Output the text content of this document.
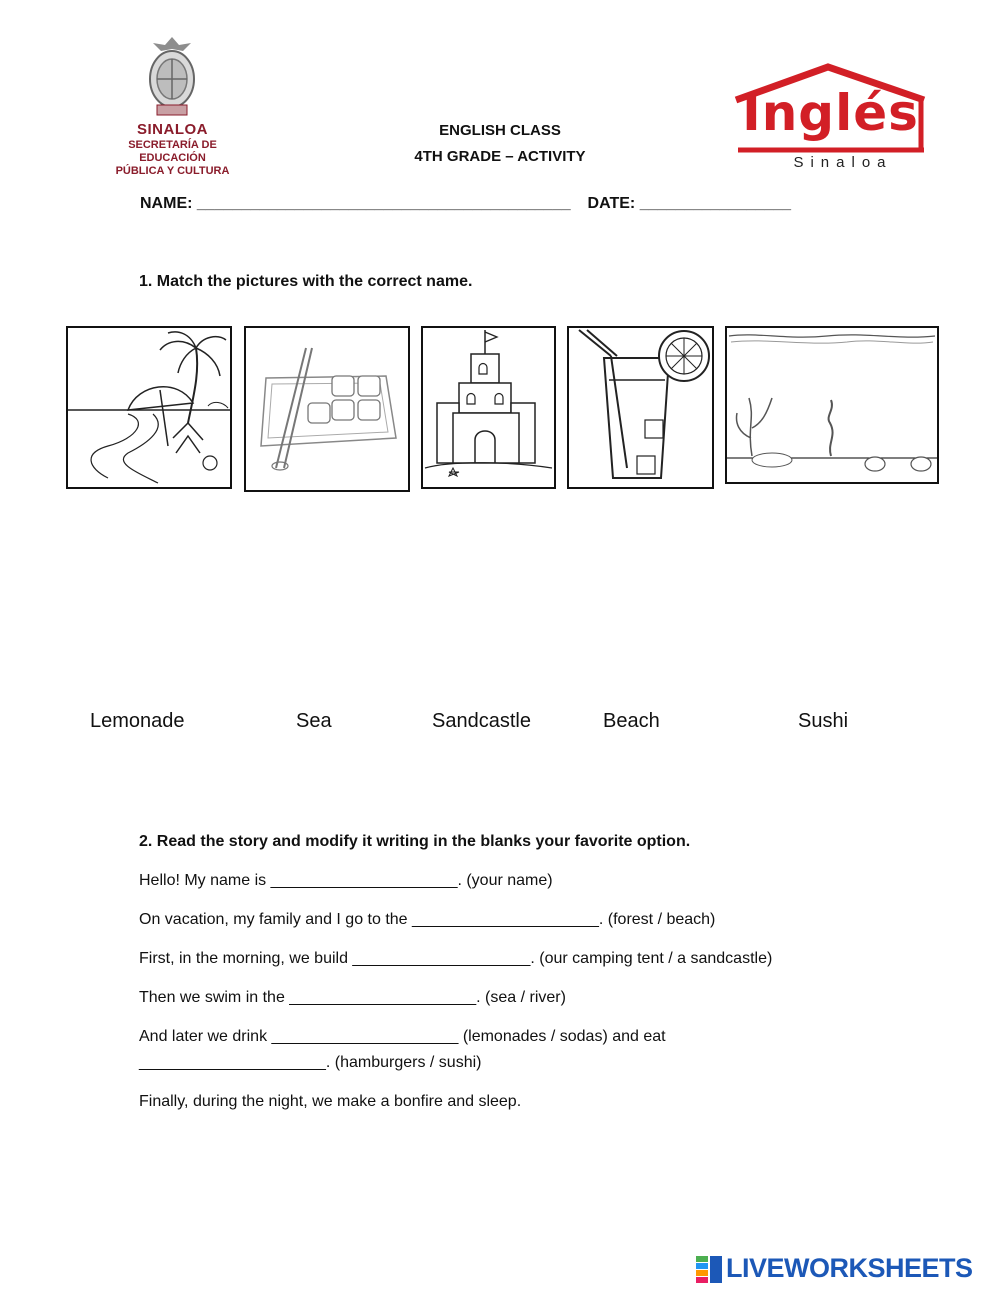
SINALOA
SECRETARÍA DE
EDUCACIÓN
PÚBLICA Y CULTURA
ENGLISH CLASS
4TH GRADE – ACTIVITY
Inglés
Sinaloa
NAME: __________________________________________ DATE: _________________
1. Match the pictures with the correct name.
Lemonade	Sea	Sandcastle	Beach	Sushi
2. Read the story and modify it writing in the blanks your favorite option.
Hello! My name is _____________________. (your name)
On vacation, my family and I go to the _____________________. (forest / beach)
First, in the morning, we build ____________________. (our camping tent / a sandcastle)
Then we swim in the _____________________. (sea / river)
And later we drink _____________________ (lemonades / sodas) and eat
_____________________. (hamburgers / sushi)
Finally, during the night, we make a bonfire and sleep.
LIVEWORKSHEETS
